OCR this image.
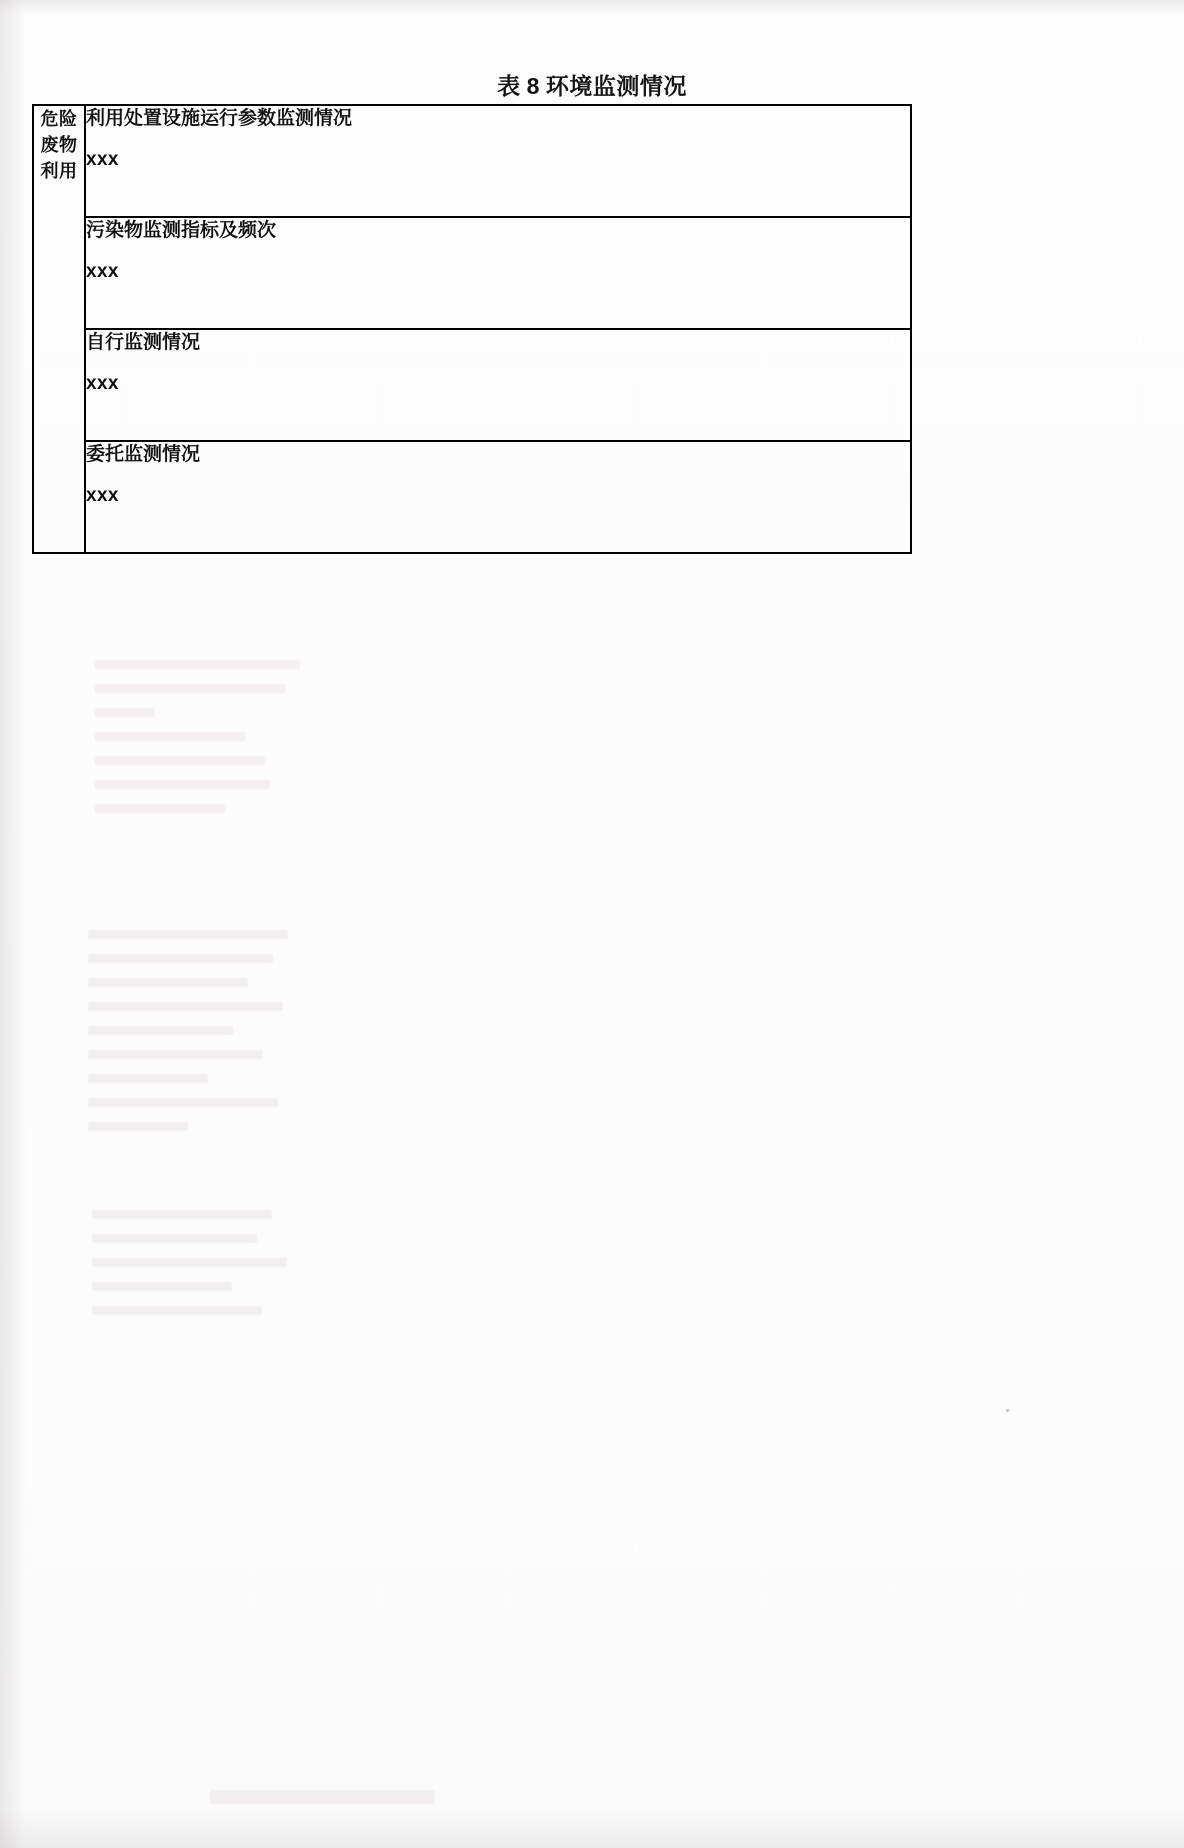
表 8 环境监测情况
危险废物利用	
利用处置设施运行参数监测情况
xxx

污染物监测指标及频次
xxx

自行监测情况
xxx

委托监测情况
xxx
